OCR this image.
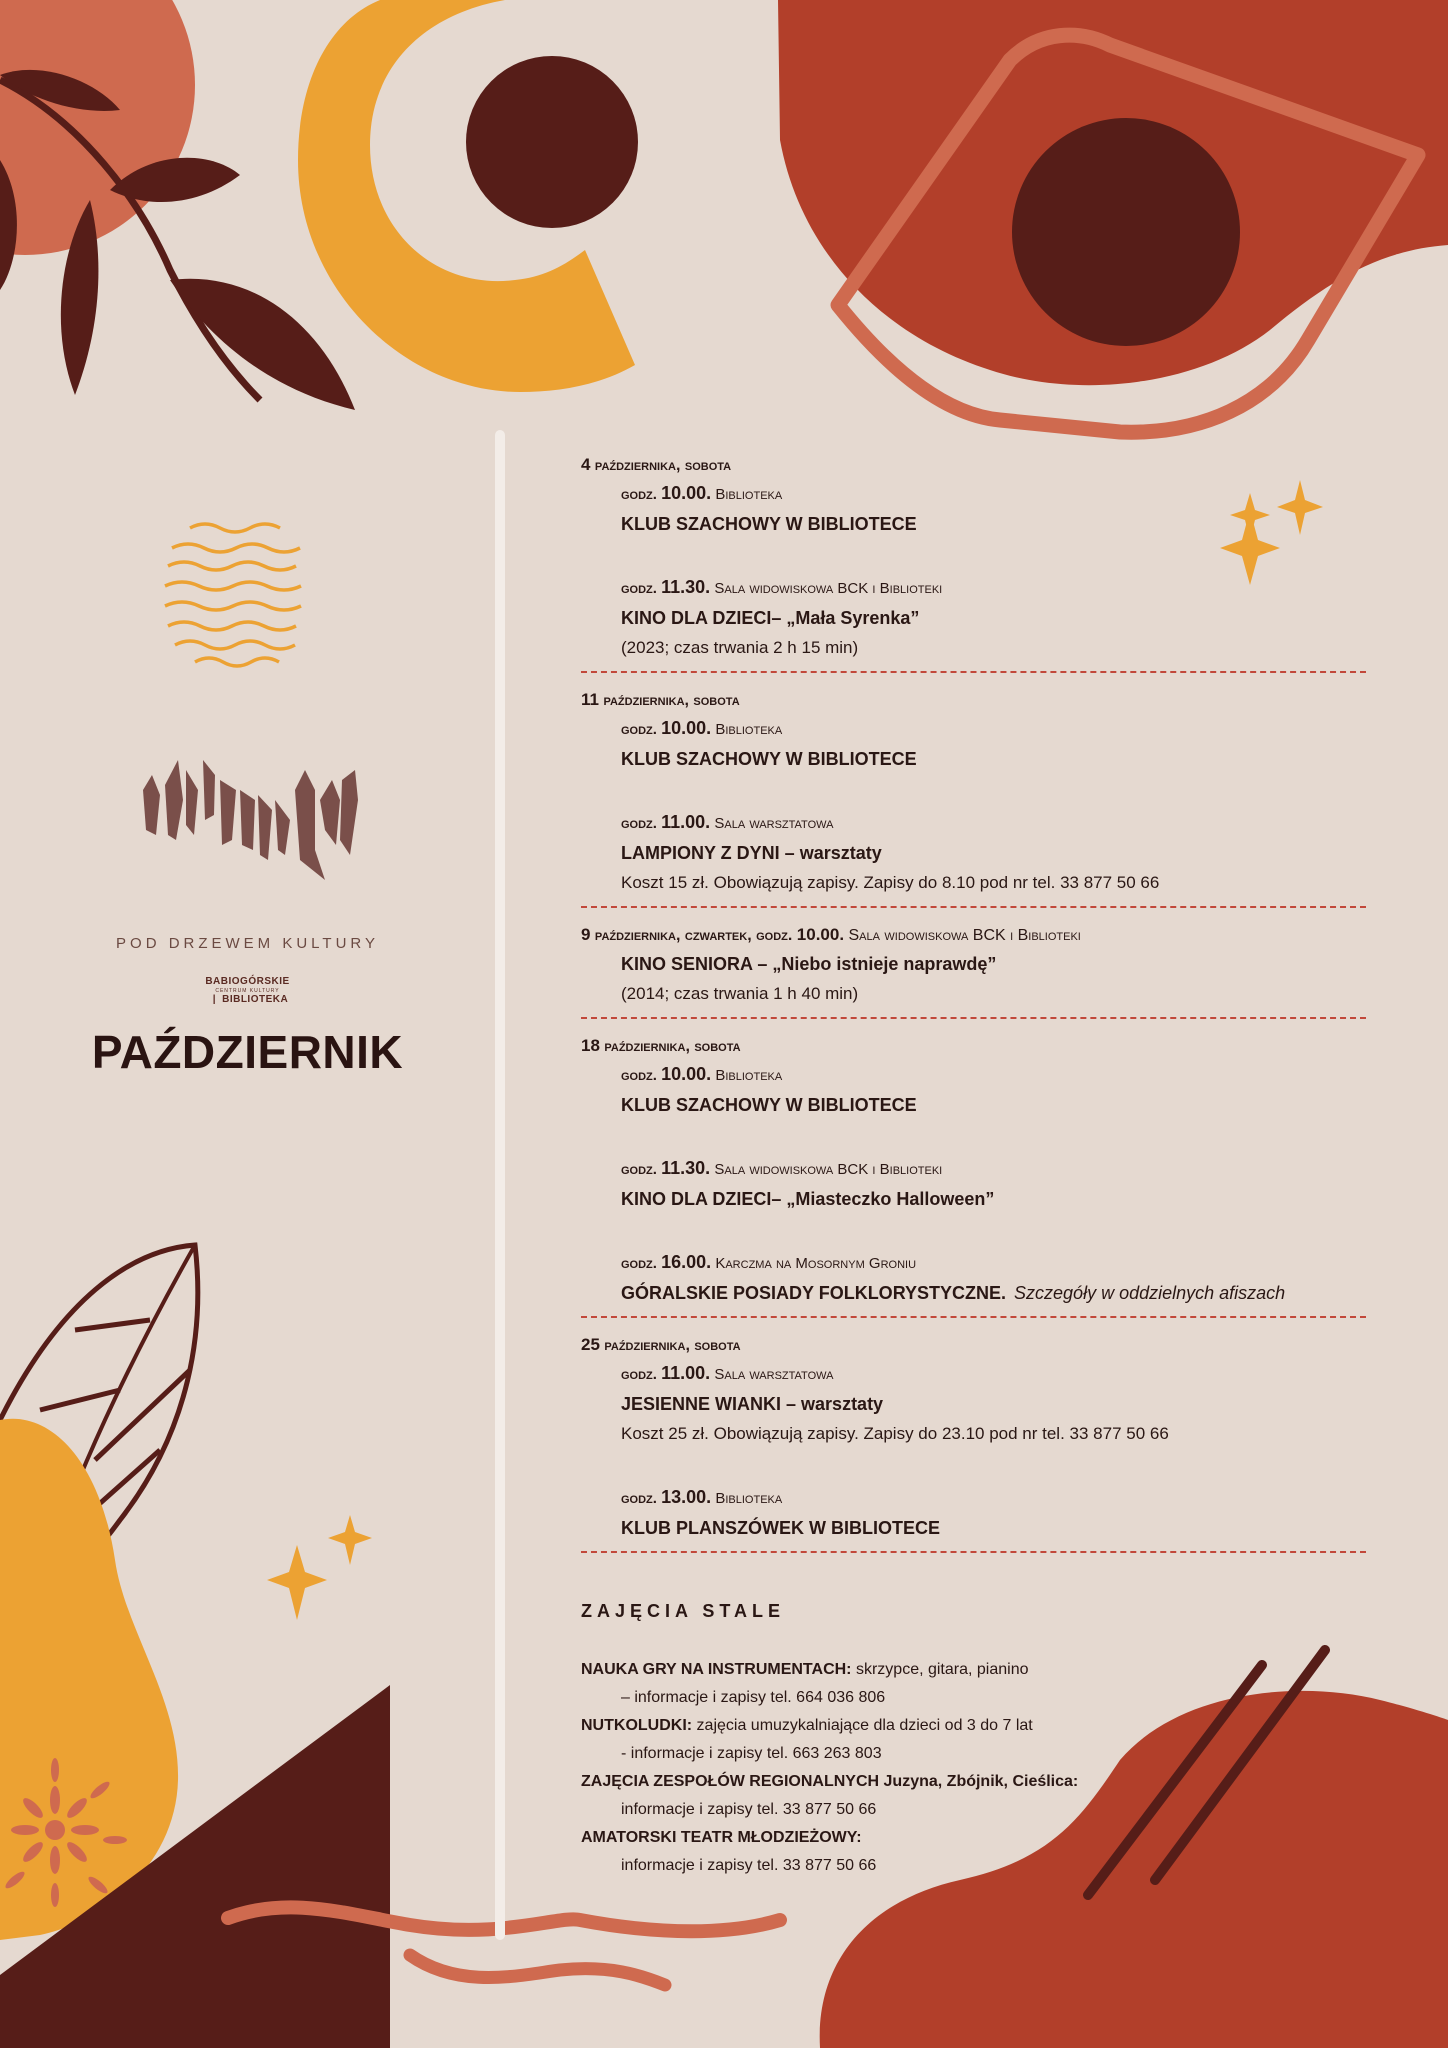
POD DRZEWEM KULTURY
BABIOGÓRSKIE
CENTRUM KULTURY
| BIBLIOTEKA
PAŹDZIERNIK
4 października, sobota
godz. 10.00. Biblioteka
KLUB SZACHOWY W BIBLIOTECE
godz. 11.30. Sala widowiskowa BCK i Biblioteki
KINO DLA DZIECI– „Mała Syrenka”
(2023; czas trwania 2 h 15 min)
11 października, sobota
godz. 10.00. Biblioteka
KLUB SZACHOWY W BIBLIOTECE
godz. 11.00. Sala warsztatowa
LAMPIONY Z DYNI – warsztaty
Koszt 15 zł. Obowiązują zapisy. Zapisy do 8.10 pod nr tel. 33 877 50 66
9 października, czwartek, godz. 10.00. Sala widowiskowa BCK i Biblioteki
KINO SENIORA – „Niebo istnieje naprawdę”
(2014; czas trwania 1 h 40 min)
18 października, sobota
godz. 10.00. Biblioteka
KLUB SZACHOWY W BIBLIOTECE
godz. 11.30. Sala widowiskowa BCK i Biblioteki
KINO DLA DZIECI– „Miasteczko Halloween”
godz. 16.00. Karczma na Mosornym Groniu
GÓRALSKIE POSIADY FOLKLORYSTYCZNE. Szczegóły w oddzielnych afiszach
25 października, sobota
godz. 11.00. Sala warsztatowa
JESIENNE WIANKI – warsztaty
Koszt 25 zł. Obowiązują zapisy. Zapisy do 23.10 pod nr tel. 33 877 50 66
godz. 13.00. Biblioteka
KLUB PLANSZÓWEK W BIBLIOTECE
ZAJĘCIA STALE
NAUKA GRY NA INSTRUMENTACH: skrzypce, gitara, pianino
– informacje i zapisy tel. 664 036 806
NUTKOLUDKI: zajęcia umuzykalniające dla dzieci od 3 do 7 lat
- informacje i zapisy tel. 663 263 803
ZAJĘCIA ZESPOŁÓW REGIONALNYCH Juzyna, Zbójnik, Cieślica:
informacje i zapisy tel. 33 877 50 66
AMATORSKI TEATR MŁODZIEŻOWY:
informacje i zapisy tel. 33 877 50 66
